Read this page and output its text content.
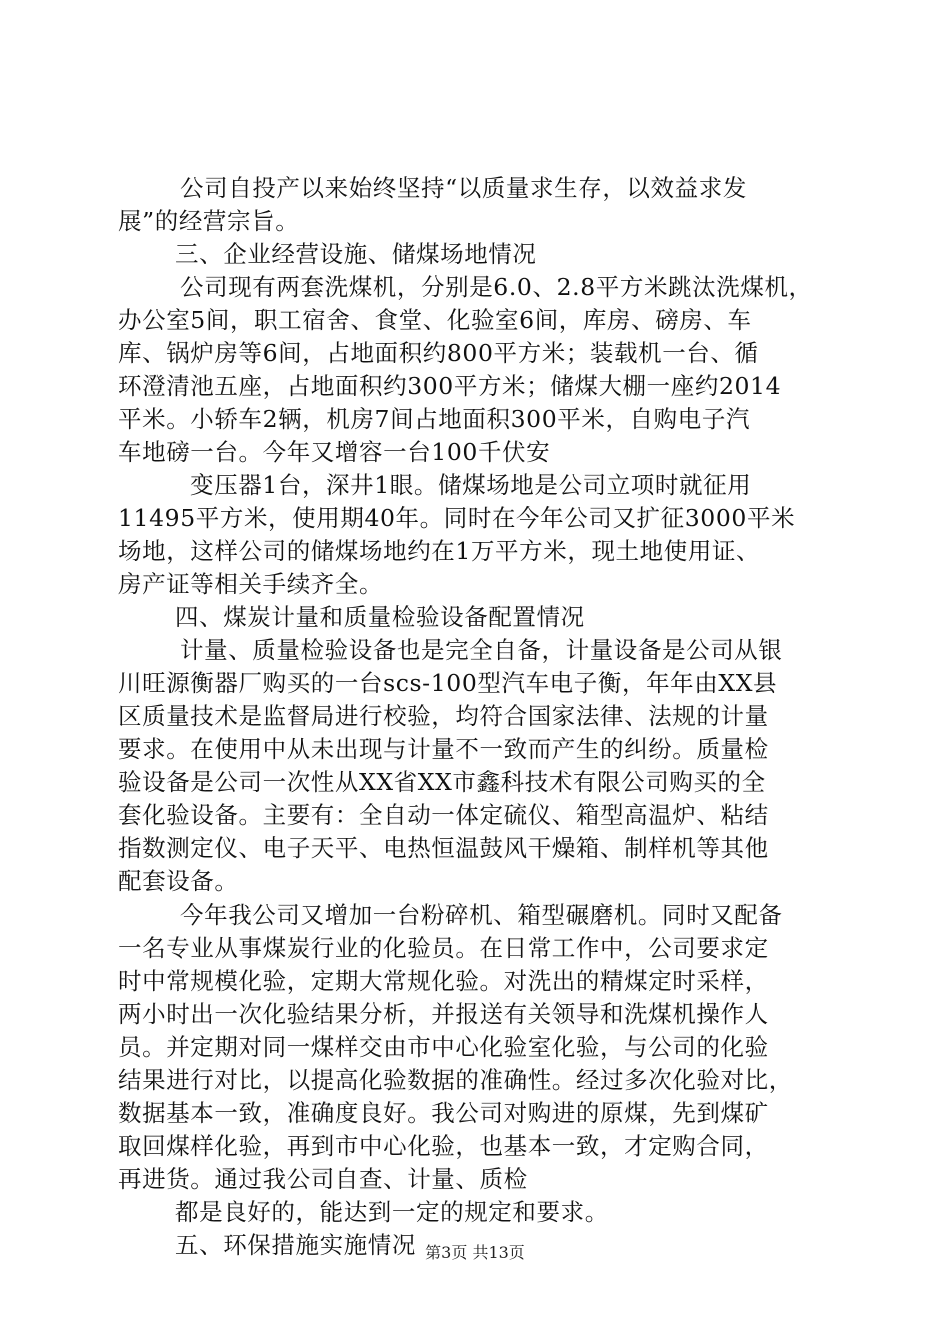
公司自投产以来始终坚持“以质量求生存，以效益求发
展”的经营宗旨。
三、企业经营设施、储煤场地情况
公司现有两套洗煤机，分别是6.0、2.8平方米跳汰洗煤机，
办公室5间，职工宿舍、食堂、化验室6间，库房、磅房、车
库、锅炉房等6间，占地面积约800平方米；装载机一台、循
环澄清池五座，占地面积约300平方米；储煤大棚一座约2014
平米。小轿车2辆，机房7间占地面积300平米，自购电子汽
车地磅一台。今年又增容一台100千伏安
变压器1台，深井1眼。储煤场地是公司立项时就征用
11495平方米，使用期40年。同时在今年公司又扩征3000平米
场地，这样公司的储煤场地约在1万平方米，现土地使用证、
房产证等相关手续齐全。
四、煤炭计量和质量检验设备配置情况
计量、质量检验设备也是完全自备，计量设备是公司从银
川旺源衡器厂购买的一台scs-100型汽车电子衡，年年由XX县
区质量技术是监督局进行校验，均符合国家法律、法规的计量
要求。在使用中从未出现与计量不一致而产生的纠纷。质量检
验设备是公司一次性从XX省XX市鑫科技术有限公司购买的全
套化验设备。主要有：全自动一体定硫仪、箱型高温炉、粘结
指数测定仪、电子天平、电热恒温鼓风干燥箱、制样机等其他
配套设备。
今年我公司又增加一台粉碎机、箱型碾磨机。同时又配备
一名专业从事煤炭行业的化验员。在日常工作中，公司要求定
时中常规模化验，定期大常规化验。对洗出的精煤定时采样，
两小时出一次化验结果分析，并报送有关领导和洗煤机操作人
员。并定期对同一煤样交由市中心化验室化验，与公司的化验
结果进行对比，以提高化验数据的准确性。经过多次化验对比，
数据基本一致，准确度良好。我公司对购进的原煤，先到煤矿
取回煤样化验，再到市中心化验，也基本一致，才定购合同，
再进货。通过我公司自查、计量、质检
都是良好的，能达到一定的规定和要求。
五、环保措施实施情况 第3页 共13页
